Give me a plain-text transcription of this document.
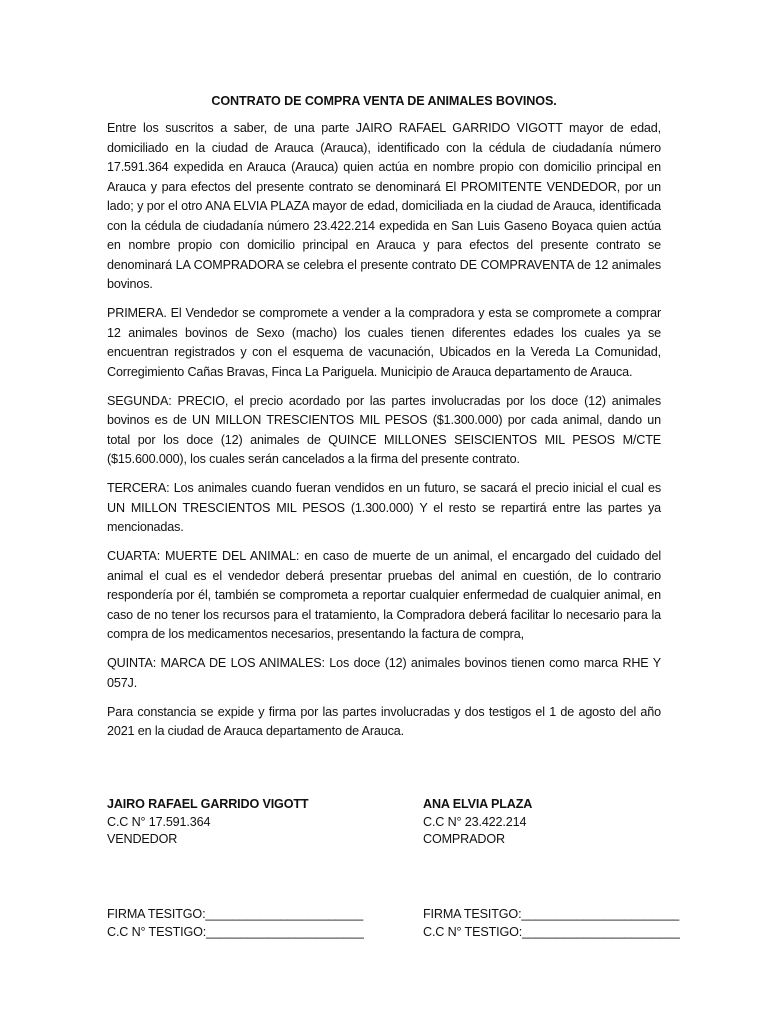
CONTRATO DE COMPRA VENTA DE ANIMALES BOVINOS.

Entre los suscritos a saber, de una parte JAIRO RAFAEL GARRIDO VIGOTT mayor de edad, domiciliado en la ciudad de Arauca (Arauca), identificado con la cédula de ciudadanía número 17.591.364 expedida en Arauca (Arauca) quien actúa en nombre propio con domicilio principal en Arauca y para efectos del presente contrato se denominará El PROMITENTE VENDEDOR, por un lado; y por el otro ANA ELVIA PLAZA mayor de edad, domiciliada en la ciudad de Arauca, identificada con la cédula de ciudadanía número 23.422.214 expedida en San Luis Gaseno Boyaca quien actúa en nombre propio con domicilio principal en Arauca y para efectos del presente contrato se denominará LA COMPRADORA se celebra el presente contrato DE COMPRAVENTA de 12 animales bovinos.

PRIMERA. El Vendedor se compromete a vender a la compradora y esta se compromete a comprar 12 animales bovinos de Sexo (macho) los cuales tienen diferentes edades los cuales ya se encuentran registrados y con el esquema de vacunación, Ubicados en la Vereda La Comunidad, Corregimiento Cañas Bravas, Finca La Pariguela. Municipio de Arauca departamento de Arauca.

SEGUNDA: PRECIO, el precio acordado por las partes involucradas por los doce (12) animales bovinos es de UN MILLON TRESCIENTOS MIL PESOS ($1.300.000) por cada animal, dando un total por los doce (12) animales de QUINCE MILLONES SEISCIENTOS MIL PESOS M/CTE ($15.600.000), los cuales serán cancelados a la firma del presente contrato.

TERCERA: Los animales cuando fueran vendidos en un futuro, se sacará el precio inicial el cual es UN MILLON TRESCIENTOS MIL PESOS (1.300.000) Y el resto se repartirá entre las partes ya mencionadas.

CUARTA: MUERTE DEL ANIMAL: en caso de muerte de un animal, el encargado del cuidado del animal el cual es el vendedor deberá presentar pruebas del animal en cuestión, de lo contrario respondería por él, también se comprometa a reportar cualquier enfermedad de cualquier animal, en caso de no tener los recursos para el tratamiento, la Compradora deberá facilitar lo necesario para la compra de los medicamentos necesarios, presentando la factura de compra,

QUINTA: MARCA DE LOS ANIMALES: Los doce (12) animales bovinos tienen como marca RHE Y 057J.

Para constancia se expide y firma por las partes involucradas y dos testigos el 1 de agosto del año 2021 en la ciudad de Arauca departamento de Arauca.

JAIRO RAFAEL GARRIDO VIGOTT
C.C N° 17.591.364
VENDEDOR
ANA ELVIA PLAZA
C.C N° 23.422.214
COMPRADOR
FIRMA TESITGO:_______________________
C.C N° TESTIGO:_______________________
FIRMA TESITGO:_______________________
C.C N° TESTIGO:_______________________
